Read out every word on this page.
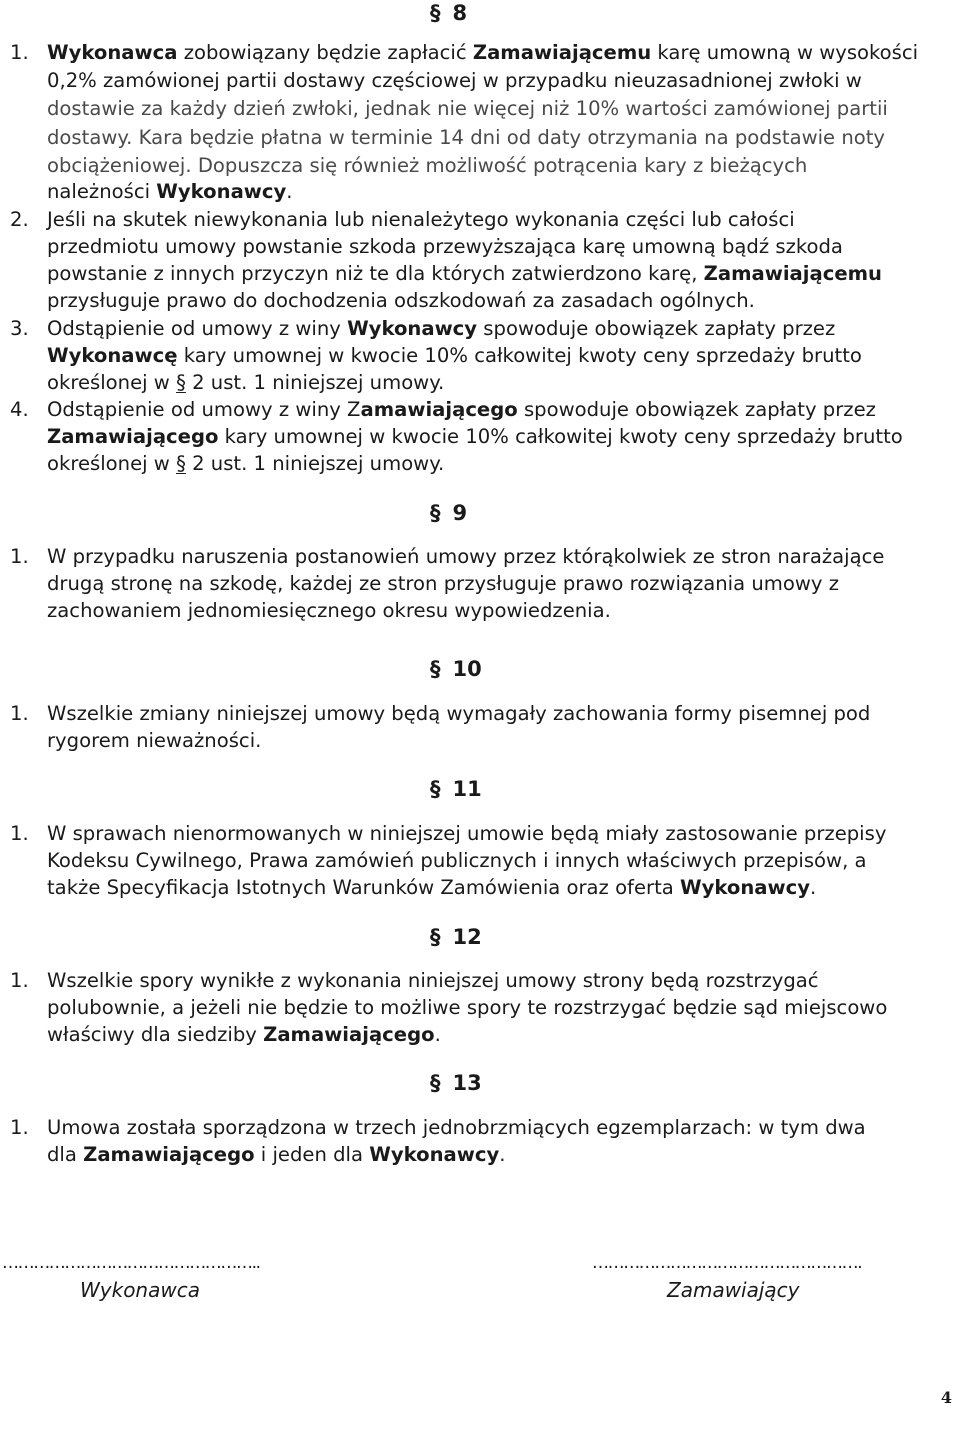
§ 8
1. Wykonawca zobowiązany będzie zapłacić Zamawiającemu karę umowną w wysokości
0,2% zamówionej partii dostawy częściowej w przypadku nieuzasadnionej zwłoki w
dostawie za każdy dzień zwłoki, jednak nie więcej niż 10% wartości zamówionej partii
dostawy. Kara będzie płatna w terminie 14 dni od daty otrzymania na podstawie noty
obciążeniowej. Dopuszcza się również możliwość potrącenia kary z bieżących
należności Wykonawcy.
2. Jeśli na skutek niewykonania lub nienależytego wykonania części lub całości
przedmiotu umowy powstanie szkoda przewyższająca karę umowną bądź szkoda
powstanie z innych przyczyn niż te dla których zatwierdzono karę, Zamawiającemu
przysługuje prawo do dochodzenia odszkodowań za zasadach ogólnych.
3. Odstąpienie od umowy z winy Wykonawcy spowoduje obowiązek zapłaty przez
Wykonawcę kary umownej w kwocie 10% całkowitej kwoty ceny sprzedaży brutto
określonej w § 2 ust. 1 niniejszej umowy.
4. Odstąpienie od umowy z winy Zamawiającego spowoduje obowiązek zapłaty przez
Zamawiającego kary umownej w kwocie 10% całkowitej kwoty ceny sprzedaży brutto
określonej w § 2 ust. 1 niniejszej umowy.
§ 9
1. W przypadku naruszenia postanowień umowy przez którąkolwiek ze stron narażające
drugą stronę na szkodę, każdej ze stron przysługuje prawo rozwiązania umowy z
zachowaniem jednomiesięcznego okresu wypowiedzenia.
§ 10
1. Wszelkie zmiany niniejszej umowy będą wymagały zachowania formy pisemnej pod
rygorem nieważności.
§ 11
1. W sprawach nienormowanych w niniejszej umowie będą miały zastosowanie przepisy
Kodeksu Cywilnego, Prawa zamówień publicznych i innych właściwych przepisów, a
także Specyfikacja Istotnych Warunków Zamówienia oraz oferta Wykonawcy.
§ 12
1. Wszelkie spory wynikłe z wykonania niniejszej umowy strony będą rozstrzygać
polubownie, a jeżeli nie będzie to możliwe spory te rozstrzygać będzie sąd miejscowo
właściwy dla siedziby Zamawiającego.
§ 13
1. Umowa została sporządzona w trzech jednobrzmiących egzemplarzach: w tym dwa
dla Zamawiającego i jeden dla Wykonawcy.
…………………………………………..
Wykonawca
…………………………………………….
Zamawiający
4
